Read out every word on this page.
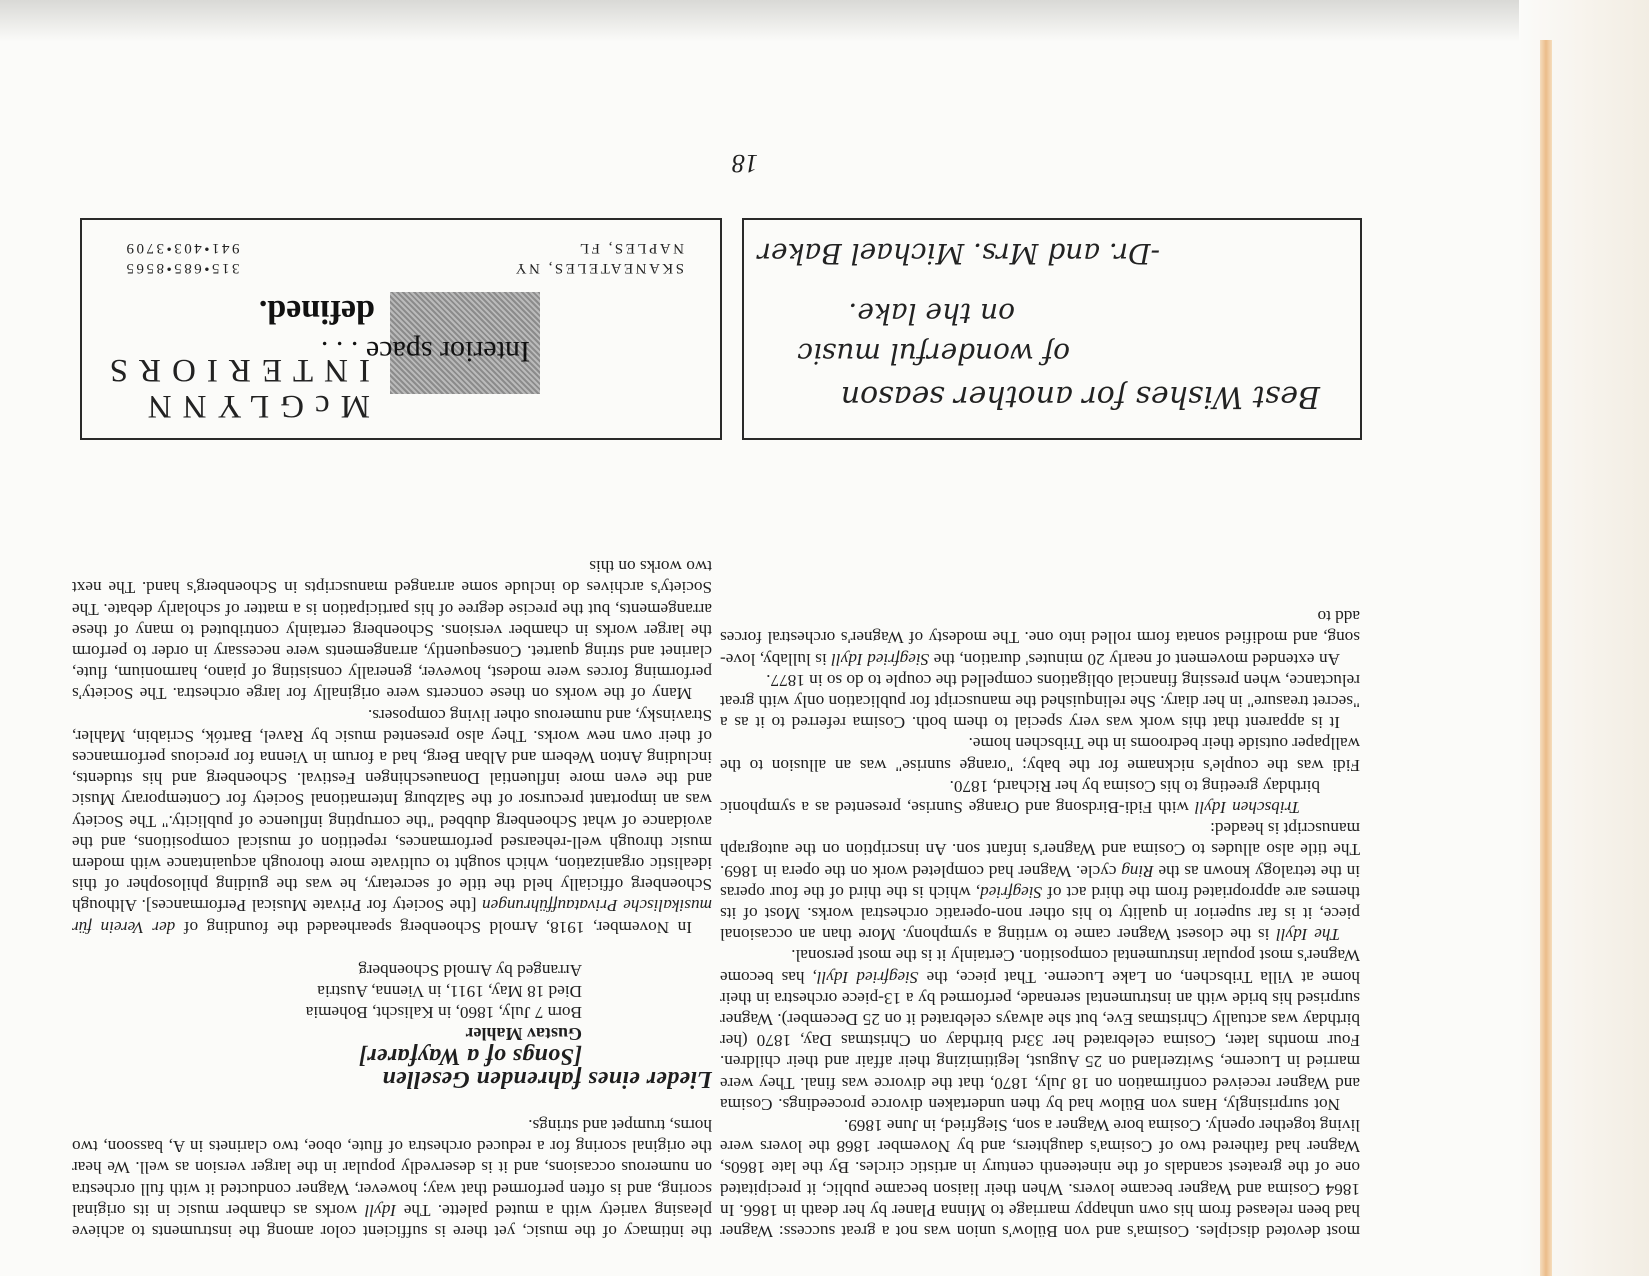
most devoted disciples. Cosima's and von Bülow's union was not a great success: Wagner had been released from his own unhappy marriage to Minna Planer by her death in 1866. In 1864 Cosima and Wagner became lovers. When their liaison became public, it precipitated one of the greatest scandals of the nineteenth century in artistic circles. By the late 1860s, Wagner had fathered two of Cosima's daughters, and by November 1868 the lovers were living together openly. Cosima bore Wagner a son, Siegfried, in June 1869.

Not surprisingly, Hans von Bülow had by then undertaken divorce proceedings. Cosima and Wagner received confirmation on 18 July, 1870, that the divorce was final. They were married in Lucerne, Switzerland on 25 August, legitimizing their affair and their children. Four months later, Cosima celebrated her 33rd birthday on Christmas Day, 1870 (her birthday was actually Christmas Eve, but she always celebrated it on 25 December). Wagner surprised his bride with an instrumental serenade, performed by a 13-piece orchestra in their home at Villa Tribschen, on Lake Lucerne. That piece, the Siegfried Idyll, has become Wagner's most popular instrumental composition. Certainly it is the most personal.

The Idyll is the closest Wagner came to writing a symphony. More than an occasional piece, it is far superior in quality to his other non-operatic orchestral works. Most of its themes are appropriated from the third act of Siegfried, which is the third of the four operas in the tetralogy known as the Ring cycle. Wagner had completed work on the opera in 1869. The title also alludes to Cosima and Wagner's infant son. An inscription on the autograph manuscript is headed:

Tribschen Idyll with Fidi-Birdsong and Orange Sunrise, presented as a symphonic birthday greeting to his Cosima by her Richard, 1870.

Fidi was the couple's nickname for the baby; "orange sunrise" was an allusion to the wallpaper outside their bedrooms in the Tribschen home.

It is apparent that this work was very special to them both. Cosima referred to it as a "secret treasure" in her diary. She relinquished the manuscript for publication only with great reluctance, when pressing financial obligations compelled the couple to do so in 1877.

An extended movement of nearly 20 minutes' duration, the Siegfried Idyll is lullaby, love-song, and modified sonata form rolled into one. The modesty of Wagner's orchestral forces add to

the intimacy of the music, yet there is sufficient color among the instruments to achieve pleasing variety with a muted palette. The Idyll works as chamber music in its original scoring, and is often performed that way; however, Wagner conducted it with full orchestra on numerous occasions, and it is deservedly popular in the larger version as well. We hear the original scoring for a reduced orchestra of flute, oboe, two clarinets in A, bassoon, two horns, trumpet and strings.

Lieder eines fahrenden Gesellen

[Songs of a Wayfarer]

Gustav Mahler

Born 7 July, 1860, in Kalischt, Bohemia

Died 18 May, 1911, in Vienna, Austria

Arranged by Arnold Schoenberg

In November, 1918, Arnold Schoenberg spearheaded the founding of der Verein für musikalische Privataufführungen [the Society for Private Musical Performances]. Although Schoenberg officially held the title of secretary, he was the guiding philosopher of this idealistic organization, which sought to cultivate more thorough acquaintance with modern music through well-rehearsed performances, repetition of musical compositions, and the avoidance of what Schoenberg dubbed "the corrupting influence of publicity." The Society was an important precursor of the Salzburg International Society for Contemporary Music and the even more influential Donaueschingen Festival. Schoenberg and his students, including Anton Webern and Alban Berg, had a forum in Vienna for precious performances of their own new works. They also presented music by Ravel, Bartók, Scriabin, Mahler, Stravinsky, and numerous other living composers.

Many of the works on these concerts were originally for large orchestra. The Society's performing forces were modest, however, generally consisting of piano, harmonium, flute, clarinet and string quartet. Consequently, arrangements were necessary in order to perform the larger works in chamber versions. Schoenberg certainly contributed to many of these arrangements, but the precise degree of his participation is a matter of scholarly debate. The Society's archives do include some arranged manuscripts in Schoenberg's hand. The next two works on this

McGLYNN
INTERIORS
Interior space . . .
defined.
SKANEATELES, NY
315•685•8565
NAPLES, FL
941•403•3709
Best Wishes for another season
of wonderful music
on the lake.
-Dr. and Mrs. Michael Baker
18
